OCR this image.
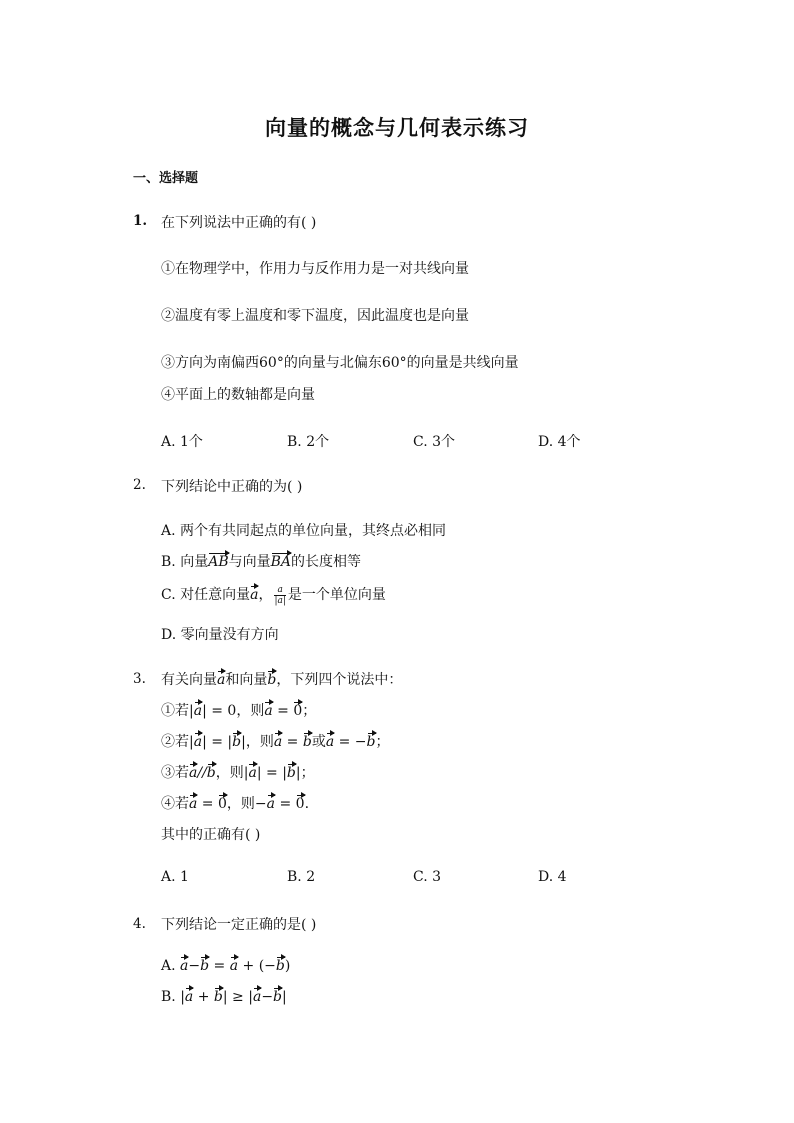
向量的概念与几何表示练习
一、选择题
1. 在下列说法中正确的有( )
①在物理学中，作用力与反作用力是一对共线向量
②温度有零上温度和零下温度，因此温度也是向量
③方向为南偏西60°的向量与北偏东60°的向量是共线向量
④平面上的数轴都是向量
A. 1个	B. 2个	C. 3个	D. 4个
2. 下列结论中正确的为( )
A. 两个有共同起点的单位向量，其终点必相同
B. 向量AB与向量BA的长度相等
C. 对任意向量a， $\frac{a}{|a|}$ 是一个单位向量
D. 零向量没有方向
3. 有关向量a和向量b，下列四个说法中：
①若|a| = 0，则a = 0；
②若|a| = |b|，则a = b或a = −b；
③若a//b，则|a| = |b|；
④若a = 0，则−a = 0.
其中的正确有( )
A. 1	B. 2	C. 3	D. 4
4. 下列结论一定正确的是( )
A. a−b = a + (−b)
B. |a + b| ≥ |a−b|
